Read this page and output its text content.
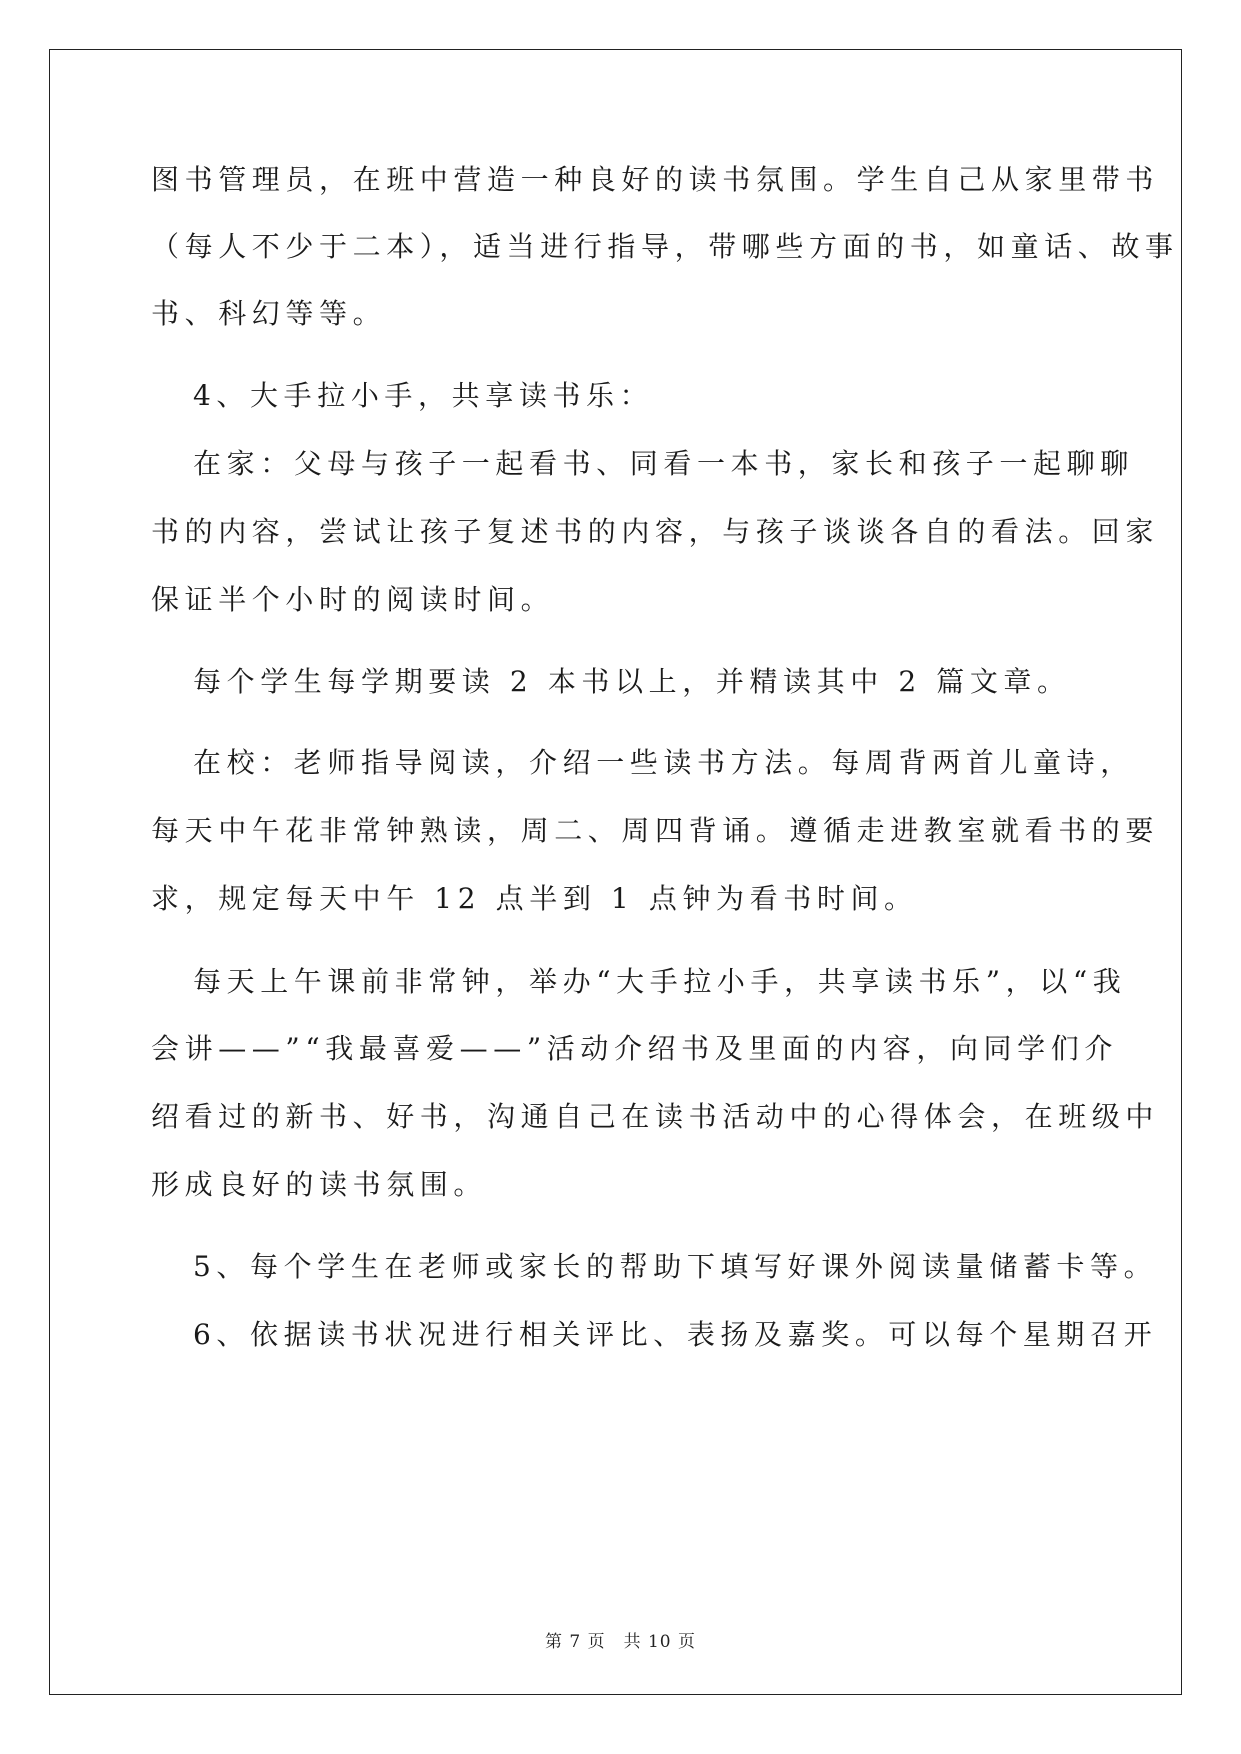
图书管理员，在班中营造一种良好的读书氛围。学生自己从家里带书
（每人不少于二本），适当进行指导，带哪些方面的书，如童话、故事
书、科幻等等。
4、大手拉小手，共享读书乐：
在家：父母与孩子一起看书、同看一本书，家长和孩子一起聊聊
书的内容，尝试让孩子复述书的内容，与孩子谈谈各自的看法。回家
保证半个小时的阅读时间。
每个学生每学期要读 2 本书以上，并精读其中 2 篇文章。
在校：老师指导阅读，介绍一些读书方法。每周背两首儿童诗，
每天中午花非常钟熟读，周二、周四背诵。遵循走进教室就看书的要
求，规定每天中午 12 点半到 1 点钟为看书时间。
每天上午课前非常钟，举办“大手拉小手，共享读书乐”，以“我
会讲——”“我最喜爱——”活动介绍书及里面的内容，向同学们介
绍看过的新书、好书，沟通自己在读书活动中的心得体会，在班级中
形成良好的读书氛围。
5、每个学生在老师或家长的帮助下填写好课外阅读量储蓄卡等。
6、依据读书状况进行相关评比、表扬及嘉奖。可以每个星期召开
第 7 页　共 10 页
